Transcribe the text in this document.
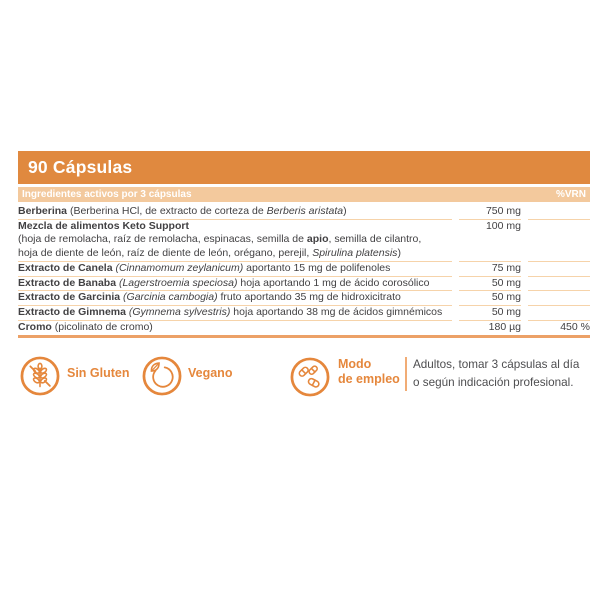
90 Cápsulas
Ingredientes activos por 3 cápsulas	%VRN
Berberina (Berberina HCl, de extracto de corteza de Berberis aristata)	750 mg	
Mezcla de alimentos Keto Support
(hoja de remolacha, raíz de remolacha, espinacas, semilla de apio, semilla de cilantro,
hoja de diente de león, raíz de diente de león, orégano, perejil, Spirulina platensis)	100 mg	
Extracto de Canela (Cinnamomum zeylanicum) aportanto 15 mg de polifenoles	75 mg	
Extracto de Banaba (Lagerstroemia speciosa) hoja aportando 1 mg de ácido corosólico	50 mg	
Extracto de Garcinia (Garcinia cambogia) fruto aportando 35 mg de hidroxicitrato	50 mg	
Extracto de Gimnema (Gymnema sylvestris) hoja aportando 38 mg de ácidos gimnémicos	50 mg	
Cromo (picolinato de cromo)	180 µg	450 %
Sin Gluten	Vegano
Modo
de empleo
Adultos, tomar 3 cápsulas al día
o según indicación profesional.
